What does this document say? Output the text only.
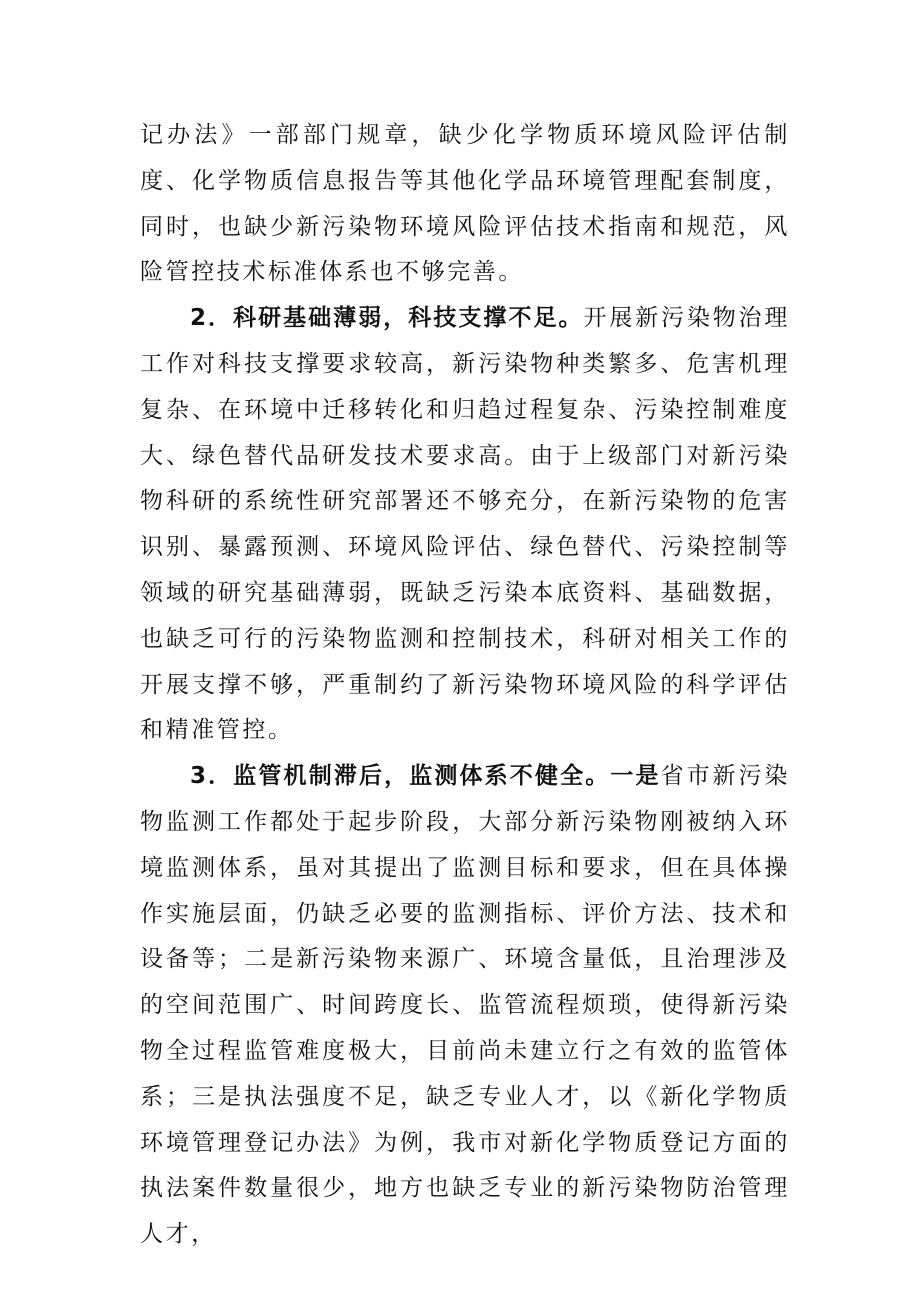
记办法》一部部门规章，缺少化学物质环境风险评估制度、化学物质信息报告等其他化学品环境管理配套制度，同时，也缺少新污染物环境风险评估技术指南和规范，风险管控技术标准体系也不够完善。

2．科研基础薄弱，科技支撑不足。开展新污染物治理工作对科技支撑要求较高，新污染物种类繁多、危害机理复杂、在环境中迁移转化和归趋过程复杂、污染控制难度大、绿色替代品研发技术要求高。由于上级部门对新污染物科研的系统性研究部署还不够充分，在新污染物的危害识别、暴露预测、环境风险评估、绿色替代、污染控制等领域的研究基础薄弱，既缺乏污染本底资料、基础数据，也缺乏可行的污染物监测和控制技术，科研对相关工作的开展支撑不够，严重制约了新污染物环境风险的科学评估和精准管控。

3．监管机制滞后，监测体系不健全。一是省市新污染物监测工作都处于起步阶段，大部分新污染物刚被纳入环境监测体系，虽对其提出了监测目标和要求，但在具体操作实施层面，仍缺乏必要的监测指标、评价方法、技术和设备等；二是新污染物来源广、环境含量低，且治理涉及的空间范围广、时间跨度长、监管流程烦琐，使得新污染物全过程监管难度极大，目前尚未建立行之有效的监管体系；三是执法强度不足，缺乏专业人才，以《新化学物质环境管理登记办法》为例，我市对新化学物质登记方面的执法案件数量很少，地方也缺乏专业的新污染物防治管理人才，
